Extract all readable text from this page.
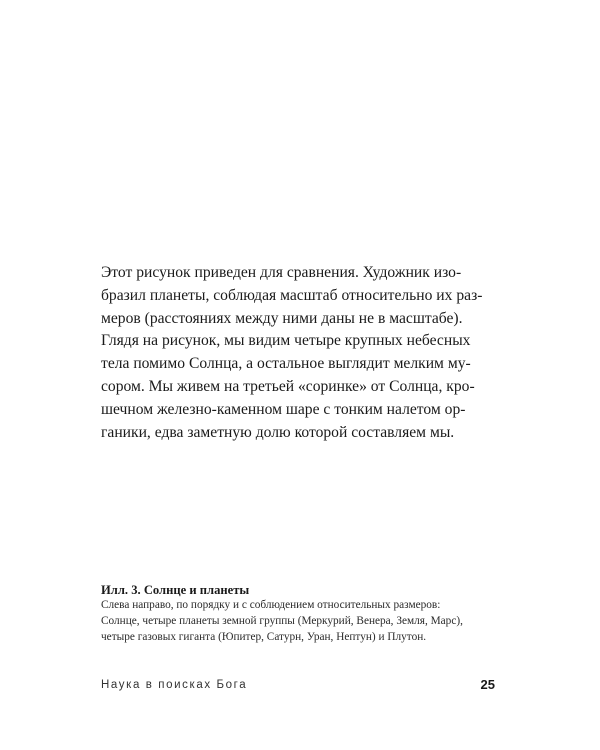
Этот рисунок приведен для сравнения. Художник изо-
бразил планеты, соблюдая масштаб относительно их раз-
меров (расстояниях между ними даны не в масштабе).
Глядя на рисунок, мы видим четыре крупных небесных
тела помимо Солнца, а остальное выглядит мелким му-
сором. Мы живем на третьей «соринке» от Солнца, кро-
шечном железно-каменном шаре с тонким налетом ор-
ганики, едва заметную долю которой составляем мы.
Илл. 3. Солнце и планеты
Слева направо, по порядку и с соблюдением относительных размеров:
Солнце, четыре планеты земной группы (Меркурий, Венера, Земля, Марс),
четыре газовых гиганта (Юпитер, Сатурн, Уран, Нептун) и Плутон.
Наука в поисках Бога	25
